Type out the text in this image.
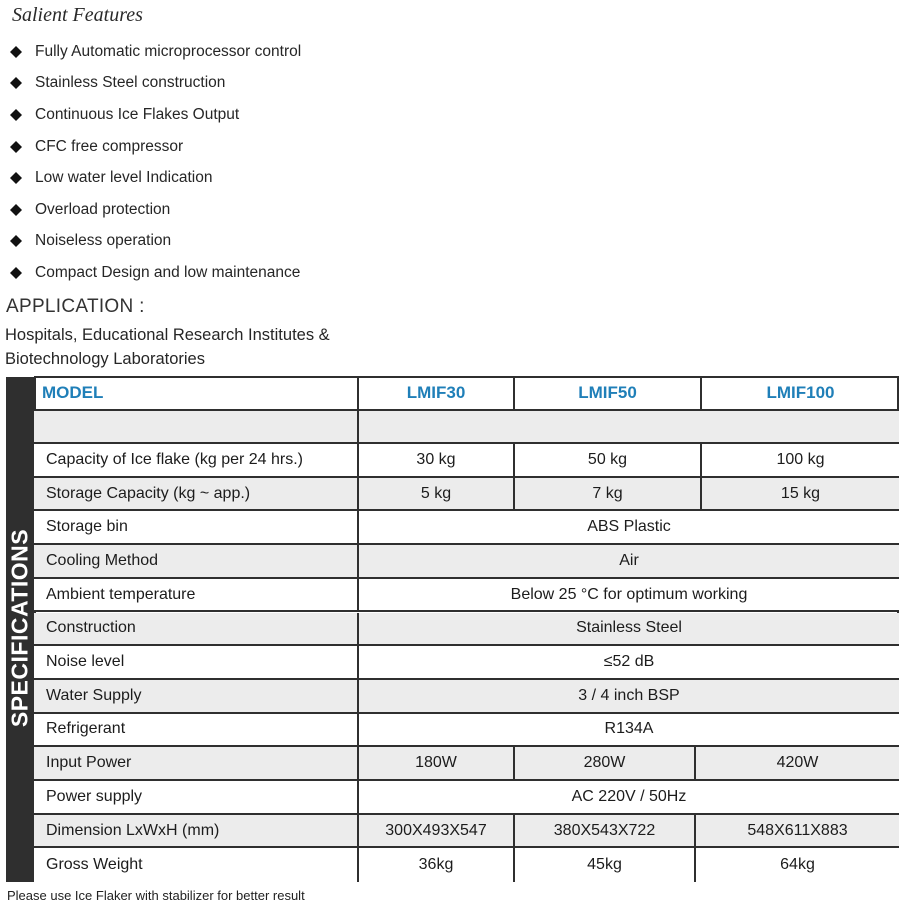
Salient Features
Fully Automatic microprocessor control
Stainless Steel construction
Continuous Ice Flakes Output
CFC free compressor
Low water level Indication
Overload protection
Noiseless operation
Compact Design and low maintenance
APPLICATION :
Hospitals, Educational Research Institutes &
Biotechnology Laboratories
SPECIFICATIONS
MODEL	LMIF30	LMIF50	LMIF100
Capacity of Ice flake (kg per 24 hrs.)	30 kg	50 kg	100 kg
Storage Capacity (kg ~ app.)	5 kg	7 kg	15 kg
Storage bin	ABS Plastic
Cooling Method	Air
Ambient temperature	Below 25 °C for optimum working
Construction	Stainless Steel
Noise level	≤52 dB
Water Supply	3 / 4 inch BSP
Refrigerant	R134A
Input Power	180W	280W	420W
Power supply	AC 220V / 50Hz
Dimension LxWxH (mm)	300X493X547	380X543X722	548X611X883
Gross Weight	36kg	45kg	64kg
Please use Ice Flaker with stabilizer for better result
